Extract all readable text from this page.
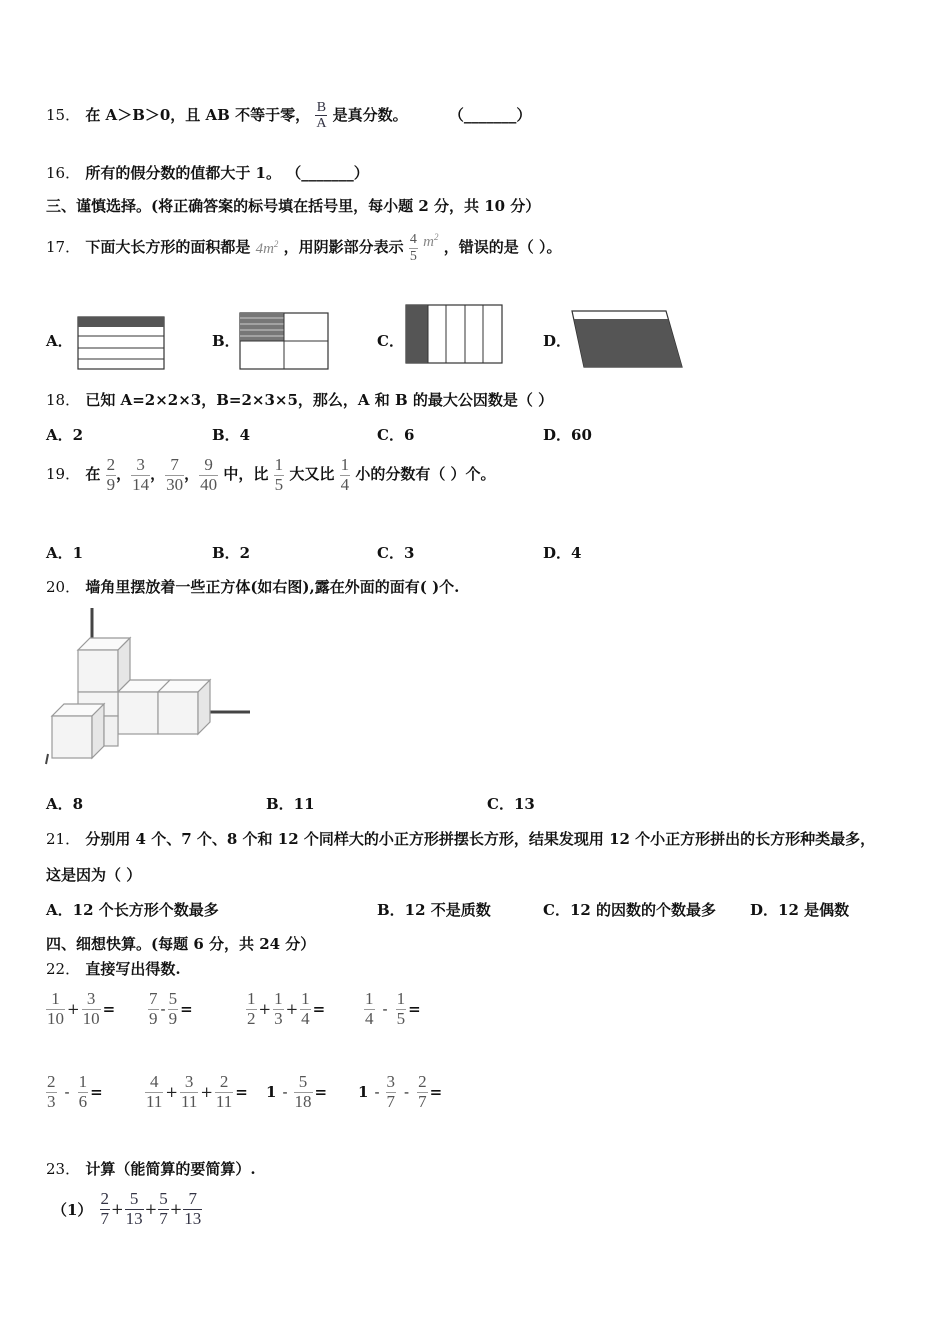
15． 在 A＞B＞0，且 AB 不等于零， $\frac{B}{A}$ 是真分数。	（_______）
16． 所有的假分数的值都大于 1。 （_______）
三、谨慎选择。(将正确答案的标号填在括号里，每小题 2 分，共 10 分）
17． 下面大长方形的面积都是 $4m^2$ ，用阴影部分表示 $\frac{4}{5} m^2$ ，错误的是（ ）。
A．	B．	C．	D．
18． 已知 A=2×2×3，B=2×3×5，那么，A 和 B 的最大公因数是（ ）
A．2	B．4	C．6	D．60
19． 在 $\frac{2}{9}$ ， $\frac{3}{14}$ ， $\frac{7}{30}$ ， $\frac{9}{40}$ 中，比 $\frac{1}{5}$ 大又比 $\frac{1}{4}$ 小的分数有（ ）个。
A．1	B．2	C．3	D．4
20． 墙角里摆放着一些正方体(如右图),露在外面的面有( )个.
A．8	B．11	C．13
21． 分别用 4 个、7 个、8 个和 12 个同样大的小正方形拼摆长方形，结果发现用 12 个小正方形拼出的长方形种类最多，
这是因为（ ）
A．12 个长方形个数最多	B．12 不是质数	C．12 的因数的个数最多 D．12 是偶数
四、细想快算。(每题 6 分，共 24 分）
22． 直接写出得数.
$\frac{1}{10} + \frac{3}{10} = \frac{7}{9} - \frac{5}{9}$ =	$\frac{1}{2} + \frac{1}{3} + \frac{1}{4} = \frac{1}{4} - \frac{1}{5}$ =
$\frac{2}{3} - \frac{1}{6} = \frac{4}{11} + \frac{3}{11} + \frac{2}{11} = 1 - \frac{5}{18} = 1 - \frac{3}{7} - \frac{2}{7}$ =
23． 计算（能简算的要简算）.
$(1) \frac{2}{7} + \frac{5}{13} + \frac{5}{7} + \frac{7}{13}$
